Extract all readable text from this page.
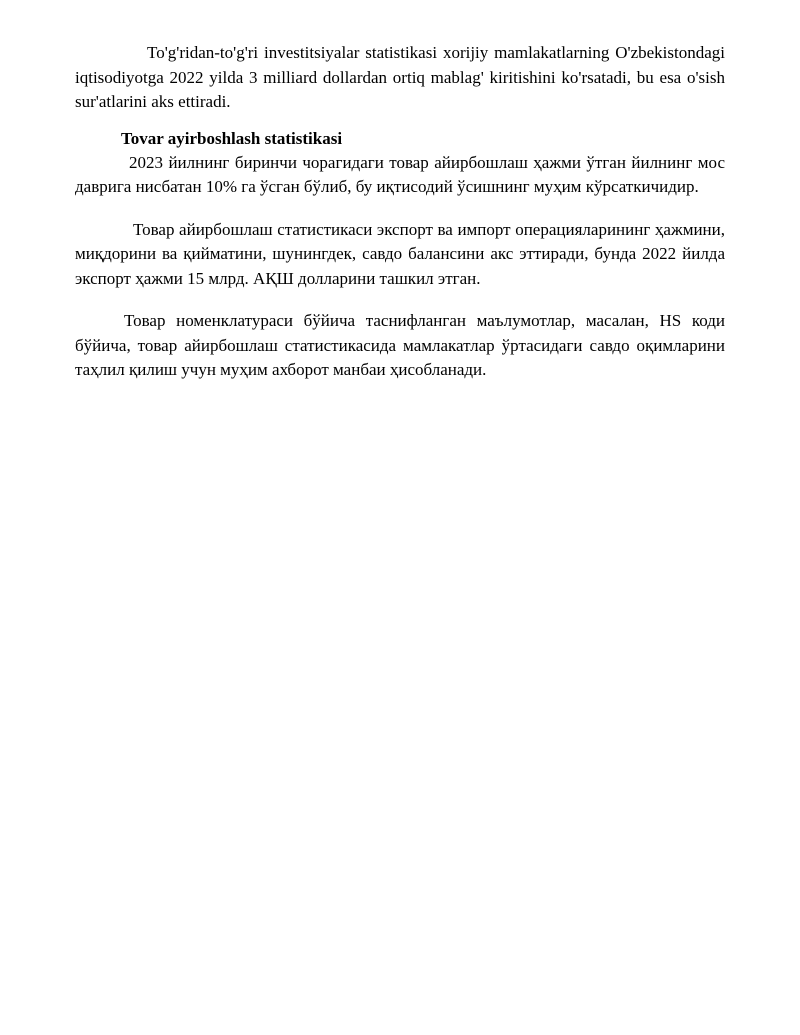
To'g'ridan-to'g'ri investitsiyalar statistikasi xorijiy mamlakatlarning O'zbekistondagi iqtisodiyotga 2022 yilda 3 milliard dollardan ortiq mablag' kiritishini ko'rsatadi, bu esa o'sish sur'atlarini aks ettiradi.

Tovar ayirboshlash statistikasi

2023 йилнинг биринчи чорагидаги товар айирбошлаш ҳажми ўтган йилнинг мос даврига нисбатан 10% га ўсган бўлиб, бу иқтисодий ўсишнинг муҳим кўрсаткичидир.

Товар айирбошлаш статистикаси экспорт ва импорт операцияларининг ҳажмини, миқдорини ва қийматини, шунингдек, савдо балансини акс эттиради, бунда 2022 йилда экспорт ҳажми 15 млрд. АҚШ долларини ташкил этган.

Товар номенклатураси бўйича таснифланган маълумотлар, масалан, HS коди бўйича, товар айирбошлаш статистикасида мамлакатлар ўртасидаги савдо оқимларини таҳлил қилиш учун муҳим ахборот манбаи ҳисобланади.
